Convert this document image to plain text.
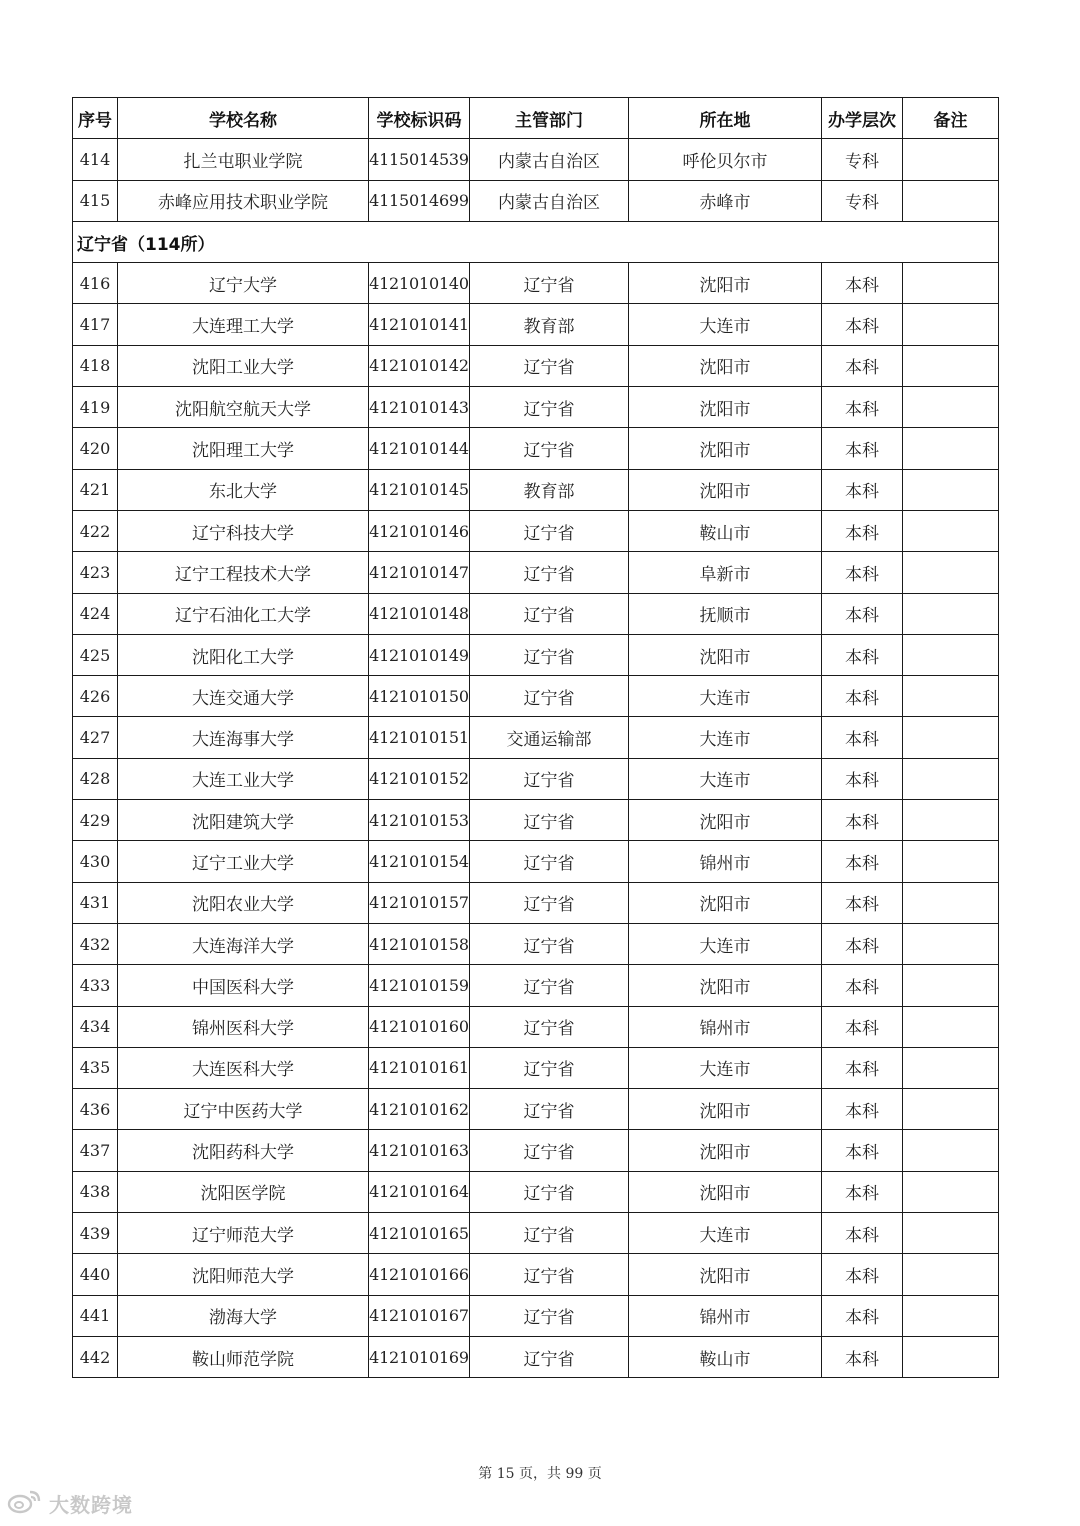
序号	学校名称	学校标识码	主管部门	所在地	办学层次	备注
414	扎兰屯职业学院	4115014539	内蒙古自治区	呼伦贝尔市	专科	
415	赤峰应用技术职业学院	4115014699	内蒙古自治区	赤峰市	专科	
辽宁省（114所）						
416	辽宁大学	4121010140	辽宁省	沈阳市	本科	
417	大连理工大学	4121010141	教育部	大连市	本科	
418	沈阳工业大学	4121010142	辽宁省	沈阳市	本科	
419	沈阳航空航天大学	4121010143	辽宁省	沈阳市	本科	
420	沈阳理工大学	4121010144	辽宁省	沈阳市	本科	
421	东北大学	4121010145	教育部	沈阳市	本科	
422	辽宁科技大学	4121010146	辽宁省	鞍山市	本科	
423	辽宁工程技术大学	4121010147	辽宁省	阜新市	本科	
424	辽宁石油化工大学	4121010148	辽宁省	抚顺市	本科	
425	沈阳化工大学	4121010149	辽宁省	沈阳市	本科	
426	大连交通大学	4121010150	辽宁省	大连市	本科	
427	大连海事大学	4121010151	交通运输部	大连市	本科	
428	大连工业大学	4121010152	辽宁省	大连市	本科	
429	沈阳建筑大学	4121010153	辽宁省	沈阳市	本科	
430	辽宁工业大学	4121010154	辽宁省	锦州市	本科	
431	沈阳农业大学	4121010157	辽宁省	沈阳市	本科	
432	大连海洋大学	4121010158	辽宁省	大连市	本科	
433	中国医科大学	4121010159	辽宁省	沈阳市	本科	
434	锦州医科大学	4121010160	辽宁省	锦州市	本科	
435	大连医科大学	4121010161	辽宁省	大连市	本科	
436	辽宁中医药大学	4121010162	辽宁省	沈阳市	本科	
437	沈阳药科大学	4121010163	辽宁省	沈阳市	本科	
438	沈阳医学院	4121010164	辽宁省	沈阳市	本科	
439	辽宁师范大学	4121010165	辽宁省	大连市	本科	
440	沈阳师范大学	4121010166	辽宁省	沈阳市	本科	
441	渤海大学	4121010167	辽宁省	锦州市	本科	
442	鞍山师范学院	4121010169	辽宁省	鞍山市	本科	
第 15 页，共 99 页
大数跨境
